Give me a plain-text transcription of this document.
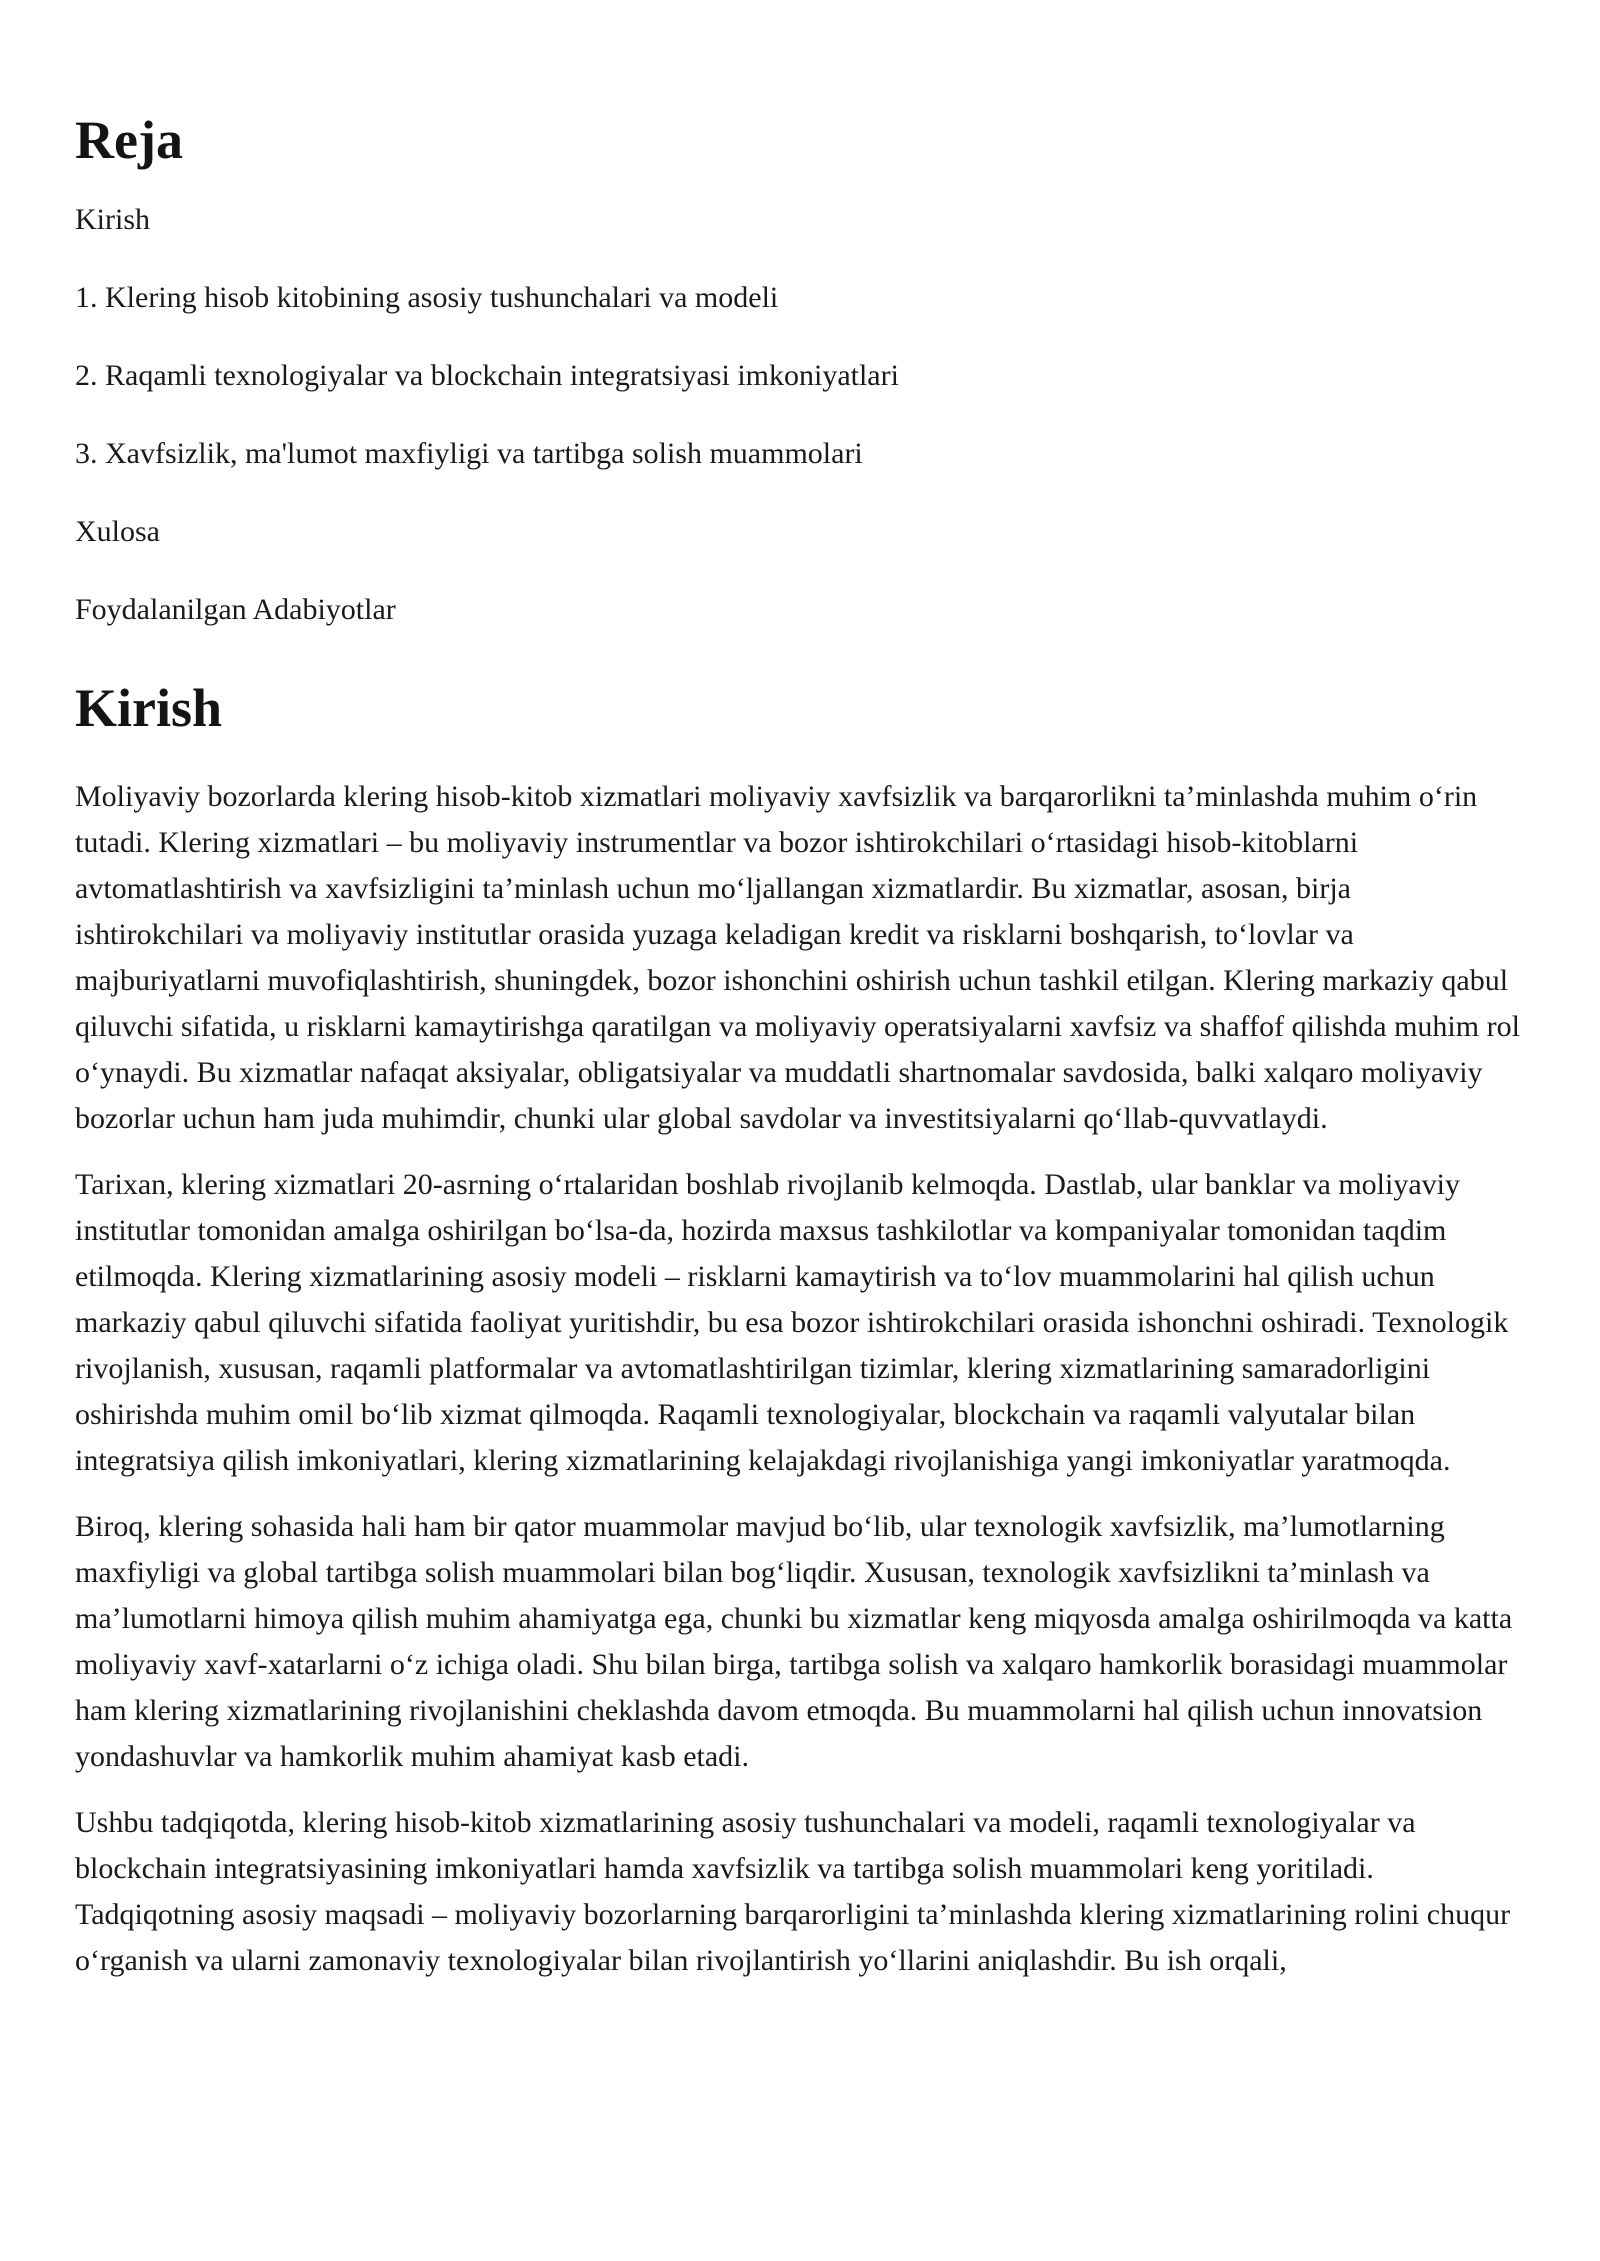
Reja

Kirish

1. Klering hisob kitobining asosiy tushunchalari va modeli

2. Raqamli texnologiyalar va blockchain integratsiyasi imkoniyatlari

3. Xavfsizlik, ma'lumot maxfiyligi va tartibga solish muammolari

Xulosa

Foydalanilgan Adabiyotlar

Kirish

Moliyaviy bozorlarda klering hisob-kitob xizmatlari moliyaviy xavfsizlik va barqarorlikni ta’minlashda muhim o‘rin tutadi. Klering xizmatlari – bu moliyaviy instrumentlar va bozor ishtirokchilari o‘rtasidagi hisob-kitoblarni avtomatlashtirish va xavfsizligini ta’minlash uchun mo‘ljallangan xizmatlardir. Bu xizmatlar, asosan, birja ishtirokchilari va moliyaviy institutlar orasida yuzaga keladigan kredit va risklarni boshqarish, to‘lovlar va majburiyatlarni muvofiqlashtirish, shuningdek, bozor ishonchini oshirish uchun tashkil etilgan. Klering markaziy qabul qiluvchi sifatida, u risklarni kamaytirishga qaratilgan va moliyaviy operatsiyalarni xavfsiz va shaffof qilishda muhim rol o‘ynaydi. Bu xizmatlar nafaqat aksiyalar, obligatsiyalar va muddatli shartnomalar savdosida, balki xalqaro moliyaviy bozorlar uchun ham juda muhimdir, chunki ular global savdolar va investitsiyalarni qo‘llab-quvvatlaydi.

Tarixan, klering xizmatlari 20-asrning o‘rtalaridan boshlab rivojlanib kelmoqda. Dastlab, ular banklar va moliyaviy institutlar tomonidan amalga oshirilgan bo‘lsa-da, hozirda maxsus tashkilotlar va kompaniyalar tomonidan taqdim etilmoqda. Klering xizmatlarining asosiy modeli – risklarni kamaytirish va to‘lov muammolarini hal qilish uchun markaziy qabul qiluvchi sifatida faoliyat yuritishdir, bu esa bozor ishtirokchilari orasida ishonchni oshiradi. Texnologik rivojlanish, xususan, raqamli platformalar va avtomatlashtirilgan tizimlar, klering xizmatlarining samaradorligini oshirishda muhim omil bo‘lib xizmat qilmoqda. Raqamli texnologiyalar, blockchain va raqamli valyutalar bilan integratsiya qilish imkoniyatlari, klering xizmatlarining kelajakdagi rivojlanishiga yangi imkoniyatlar yaratmoqda.

Biroq, klering sohasida hali ham bir qator muammolar mavjud bo‘lib, ular texnologik xavfsizlik, ma’lumotlarning maxfiyligi va global tartibga solish muammolari bilan bog‘liqdir. Xususan, texnologik xavfsizlikni ta’minlash va ma’lumotlarni himoya qilish muhim ahamiyatga ega, chunki bu xizmatlar keng miqyosda amalga oshirilmoqda va katta moliyaviy xavf-xatarlarni o‘z ichiga oladi. Shu bilan birga, tartibga solish va xalqaro hamkorlik borasidagi muammolar ham klering xizmatlarining rivojlanishini cheklashda davom etmoqda. Bu muammolarni hal qilish uchun innovatsion yondashuvlar va hamkorlik muhim ahamiyat kasb etadi.

Ushbu tadqiqotda, klering hisob-kitob xizmatlarining asosiy tushunchalari va modeli, raqamli texnologiyalar va blockchain integratsiyasining imkoniyatlari hamda xavfsizlik va tartibga solish muammolari keng yoritiladi. Tadqiqotning asosiy maqsadi – moliyaviy bozorlarning barqarorligini ta’minlashda klering xizmatlarining rolini chuqur o‘rganish va ularni zamonaviy texnologiyalar bilan rivojlantirish yo‘llarini aniqlashdir. Bu ish orqali,
